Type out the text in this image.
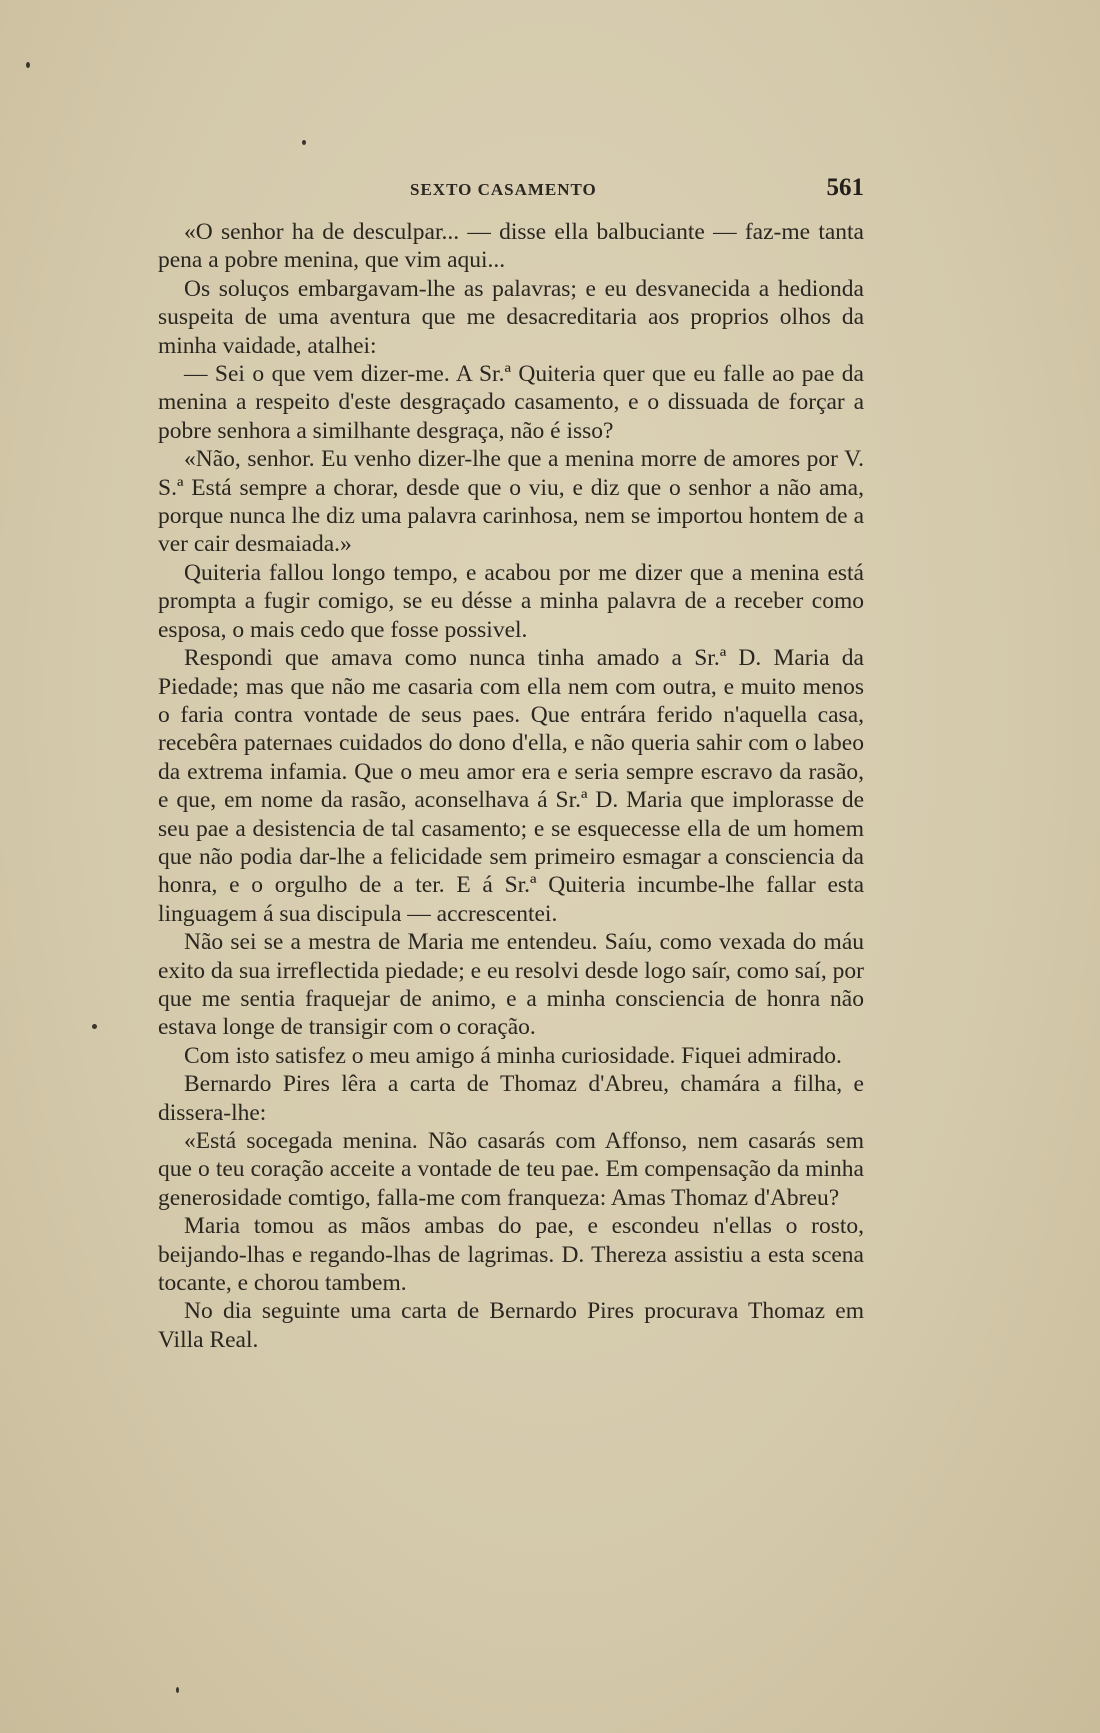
SEXTO CASAMENTO	561

«O senhor ha de desculpar... — disse ella balbuciante — faz-me tanta pena a pobre menina, que vim aqui...

Os soluços embargavam-lhe as palavras; e eu desvanecida a hedionda suspeita de uma aventura que me desacreditaria aos proprios olhos da minha vaidade, atalhei:

— Sei o que vem dizer-me. A Sr.ª Quiteria quer que eu falle ao pae da menina a respeito d'este desgraçado casamento, e o dissuada de forçar a pobre senhora a similhante desgraça, não é isso?

«Não, senhor. Eu venho dizer-lhe que a menina morre de amores por V. S.ª Está sempre a chorar, desde que o viu, e diz que o senhor a não ama, porque nunca lhe diz uma palavra carinhosa, nem se importou hontem de a ver cair desmaiada.»

Quiteria fallou longo tempo, e acabou por me dizer que a menina está prompta a fugir comigo, se eu désse a minha palavra de a receber como esposa, o mais cedo que fosse possivel.

Respondi que amava como nunca tinha amado a Sr.ª D. Maria da Piedade; mas que não me casaria com ella nem com outra, e muito menos o faria contra vontade de seus paes. Que entrára ferido n'aquella casa, recebêra paternaes cuidados do dono d'ella, e não queria sahir com o labeo da extrema infamia. Que o meu amor era e seria sempre escravo da rasão, e que, em nome da rasão, aconselhava á Sr.ª D. Maria que implorasse de seu pae a desistencia de tal casamento; e se esquecesse ella de um homem que não podia dar-lhe a felicidade sem primeiro esmagar a consciencia da honra, e o orgulho de a ter. E á Sr.ª Quiteria incumbe-lhe fallar esta linguagem á sua discipula — accrescentei.

Não sei se a mestra de Maria me entendeu. Saíu, como vexada do máu exito da sua irreflectida piedade; e eu resolvi desde logo saír, como saí, por que me sentia fraquejar de animo, e a minha consciencia de honra não estava longe de transigir com o coração.

Com isto satisfez o meu amigo á minha curiosidade. Fiquei admirado.

Bernardo Pires lêra a carta de Thomaz d'Abreu, chamára a filha, e dissera-lhe:

«Está socegada menina. Não casarás com Affonso, nem casarás sem que o teu coração acceite a vontade de teu pae. Em compensação da minha generosidade comtigo, falla-me com franqueza: Amas Thomaz d'Abreu?

Maria tomou as mãos ambas do pae, e escondeu n'ellas o rosto, beijando-lhas e regando-lhas de lagrimas. D. Thereza assistiu a esta scena tocante, e chorou tambem.

No dia seguinte uma carta de Bernardo Pires procurava Thomaz em Villa Real.
